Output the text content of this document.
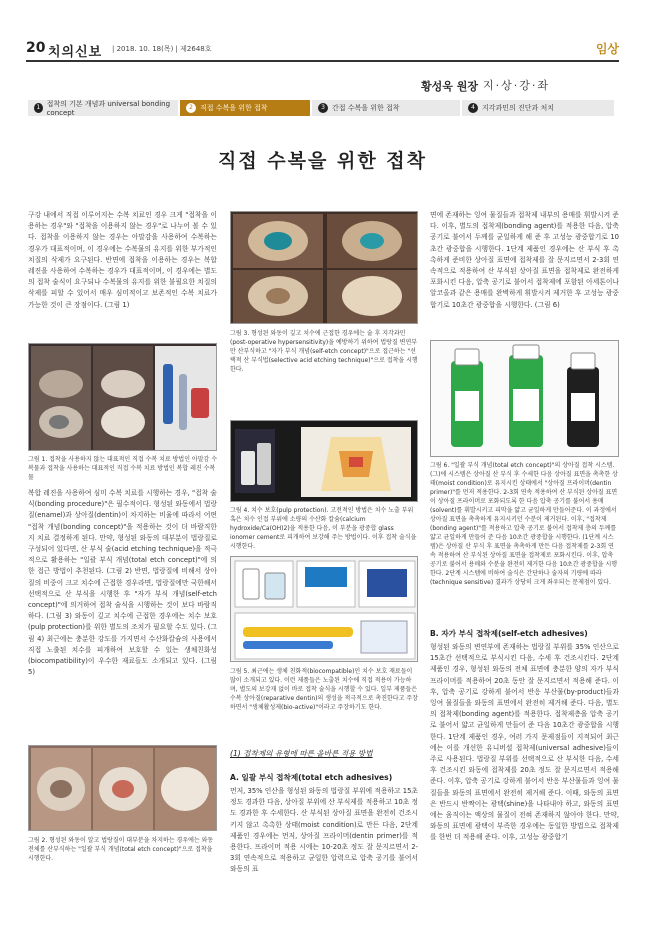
20 치의신보 | 2018. 10. 18(목) | 제2648호	임상
황성욱 원장 지·상·강·좌
1 접착의 기본 개념과 universal bonding concept
2	직접 수복을 위한 접착	3	간접 수복을 위한 접착	4	지각과민의 진단과 처치
직접 수복을 위한 접착
구강 내에서 직접 이루어지는 수복 치료인 경우 크게 "접착을 이용하는 경우"와 "접착을 이용하지 않는 경우"로 나누어 볼 수 있다. 접착을 이용하지 않는 경우는 아말감을 사용하여 수복하는 경우가 대표적이며, 이 경우에는 수복물의 유지를 위한 부가적인 치질의 삭제가 요구된다. 반면에 접착을 이용하는 경우는 복합 레진을 사용하여 수복하는 경우가 대표적이며, 이 경우에는 별도의 접착 술식이 요구되나 수복물의 유지를 위한 불필요한 치질의 삭제를 피할 수 있어서 매우 심미적이고 보존적인 수복 치료가 가능한 것이 큰 장점이다. (그림 1)
그림 1. 접착을 사용하지 않는 대표적인 직접 수복 치료 방법인 아말감 수복물과 접착을 사용하는 대표적인 직접 수복 치료 방법인 복합 레진 수복물
복합 레진을 사용하여 심미 수복 치료를 시행하는 경우, "접착 술식(bonding procedure)"은 필수적이다. 형성된 와동에서 법랑질(enamel)과 상아질(dentin)이 차지하는 비율에 따라서 어떤 "접착 개념(bonding concept)"을 적용하는 것이 더 바람직한지 치료 결정하게 된다. 만약, 형성된 와동의 대부분이 법랑질로 구성되어 있다면, 산 부식 술(acid etching technique)을 적극적으로 활용하는 "일괄 부식 개념(total etch concept)"에 의한 접근 방법이 추천된다. (그림 2) 반면, 법랑질에 비해서 상아질의 비중이 크고 치수에 근접한 경우라면, 법랑질에만 국한해서 선택적으로 산 부식을 시행한 후 "자가 부식 개념(self-etch concept)"에 의거하여 접착 술식을 시행하는 것이 보다 바람직하다. (그림 3) 와동이 깊고 치수에 근접한 경우에는 치수 보호(pulp protection)를 위한 별도의 조치가 필요할 수도 있다. (그림 4) 최근에는 충분한 강도를 가지면서 수산화칼슘의 사용에서 직접 노출된 치수를 피개하여 보호할 수 있는 생체친화성(biocompatibility)이 우수한 재료들도 소개되고 있다. (그림 5)
그림 2. 형성된 와동이 알고 법랑질이 대부분을 차지하는 경우에는 와동 전체를 산부식하는 "일괄 부식 개념(total etch concept)"으로 접착을 시행한다.
그림 3. 형성된 와동이 깊고 치수에 근접한 경우에는 술 후 지각과민(post-operative hypersensitivity)을 예방하기 위하여 법랑질 변연부만 산부식하고 "자가 부식 개념(self-etch concept)"으로 접근하는 "선택적 산 부식법(selective acid etching technique)"으로 접착을 시행한다.
그림 4. 치수 보호(pulp protection). 고전적인 방법은 치수 노출 부위 혹은 치수 인접 부위에 소량의 수산화 칼슘(calcium hydroxide/Ca(OH)2)을 적용한 다음, 이 부분을 광중합 glass ionomer cement로 피개하여 보강해 주는 방법이다. 이후 접착 술식을 시행한다.
그림 5. 최근에는 생체 친화적(biocompatible)인 치수 보호 재료들이 많이 소개되고 있다. 이런 제품들은 노출된 치수에 직접 적용이 가능하며, 별도의 보강재 없이 바로 접착 술식을 시행할 수 있다. 일부 제품들은 수복 상아질(reparative dentin)의 생성을 적극적으로 촉진한다고 주장하면서 "생체활성제(bio-active)"이라고 주장하기도 한다.
(1) 접착제의 유형에 따른 올바른 적용 방법
A. 일괄 부식 접착제(total etch adhesives)
먼저, 35% 인산을 형성된 와동의 법랑질 부위에 적용하고 15초 정도 경과한 다음, 상아질 부위에 산 부식제를 적용하고 10초 정도 경과한 후 수세한다. 산 부식된 상아질 표면을 완전히 건조시키지 않고 촉촉한 상태(moist condition)로 만든 다음, 2단계 제품인 경우에는 먼저, 상아질 프라이머(dentin primer)를 적용한다. 프라이머 적용 시에는 10-20초 정도 잘 문지르면서 2-3회 연속적으로 적용하고 균일한 압력으로 압축 공기를 불어서 와동의 표
면에 존재하는 잉여 물질들과 접착제 내부의 용매를 휘발시켜 준다. 이후, 별도의 접착제(bonding agent)를 적용한 다음, 압축 공기로 불어서 두께를 균일하게 해 준 후 고성능 광중합기로 10초간 광중합을 시행한다. 1단계 제품인 경우에는 산 부식 후 촉촉하게 준비한 상아질 표면에 접착제를 잘 문지르면서 2-3회 연속적으로 적용하여 산 부식된 상아질 표면을 접착제로 완전하게 포화시킨 다음, 압축 공기로 불어서 접착제에 포함된 아세톤이나 알코올과 같은 용매를 완벽하게 휘발시켜 제거한 후 고성능 광중합기로 10초간 광중합을 시행한다. (그림 6)
그림 6. "일괄 부식 개념(total etch concept)"의 상아질 접착 시스템. (그)에 시스템은 상아질 산 부식 후 수세한 다음 상아질 표면을 촉촉한 상태(moist condition)로 유지시킨 상태에서 "상아질 프라이머(dentin primer)"를 먼저 적용한다. 2-3회 연속 적용하여 산 부식된 상아질 표면이 상아질 프라이머로 포화되도록 한 다음 압축 공기를 불어서 용매(solvent)를 휘발시키고 피막을 얇고 균일하게 만들어준다. 이 과정에서 상아질 표면을 촉촉하게 유지시키던 수분이 제거된다. 이후, "접착제(bonding agent)"를 적용하고 압축 공기로 불어서 접착제 층의 두께를 얇고 균일하게 만들어 준 다음 10초간 광중합을 시행한다. (1단계 시스템)은 상아질 산 부식 후 표면을 촉촉하게 만든 다음 접착제를 2-3회 연속 적용하여 산 부식된 상아질 표면을 접착제로 포화시킨다. 이후, 압축 공기로 불어서 용매와 수분을 완전히 제거한 다음 10초간 광중합을 시행한다. 2단계 시스템에 비하여 술식은 간단하나 술자의 기량에 따라(technique sensitive) 결과가 상당히 크게 좌우되는 문제점이 있다.
B. 자가 부식 접착제(self-etch adhesives)
형성된 와동의 변연부에 존재하는 법랑질 부위를 35% 인산으로 15초간 선택적으로 부식시킨 다음, 수세 후 건조시킨다. 2단계 제품인 경우, 형성된 와동의 전체 표면에 충분한 양의 자가 부식 프라이머를 적용하여 20초 동안 잘 문지르면서 적용해 준다. 이후, 압축 공기로 강하게 불어서 반응 부산물(by-product)들과 잉여 물질들을 와동의 표면에서 완전히 제거해 준다. 다음, 별도의 접착제(bonding agent)를 적용한다. 접착제층을 압축 공기로 불어서 얇고 균일하게 만들어 준 다음 10초간 광중합을 시행한다. 1단계 제품인 경우, 여러 가지 문제점들이 지적되어 최근에는 이를 개선한 유니버셜 접착제(universal adhesive)들이 주로 사용된다. 법랑질 부위를 선택적으로 산 부식한 다음, 수세 후 건조시킨 와동에 접착제를 20초 정도 잘 문지르면서 적용해 준다. 이후, 압축 공기로 강하게 불어서 반응 부산물들과 잉여 물질들을 와동의 표면에서 완전히 제거해 준다. 이때, 와동의 표면은 반드시 반짝이는 광택(shine)을 나타내야 하고, 와동의 표면에는 움직이는 액상의 물질이 전혀 존재하지 않아야 한다. 만약, 와동의 표면에 광택이 부족한 경우에는 동일한 방법으로 접착제를 한번 더 적용해 준다. 이후, 고성능 광중합기
